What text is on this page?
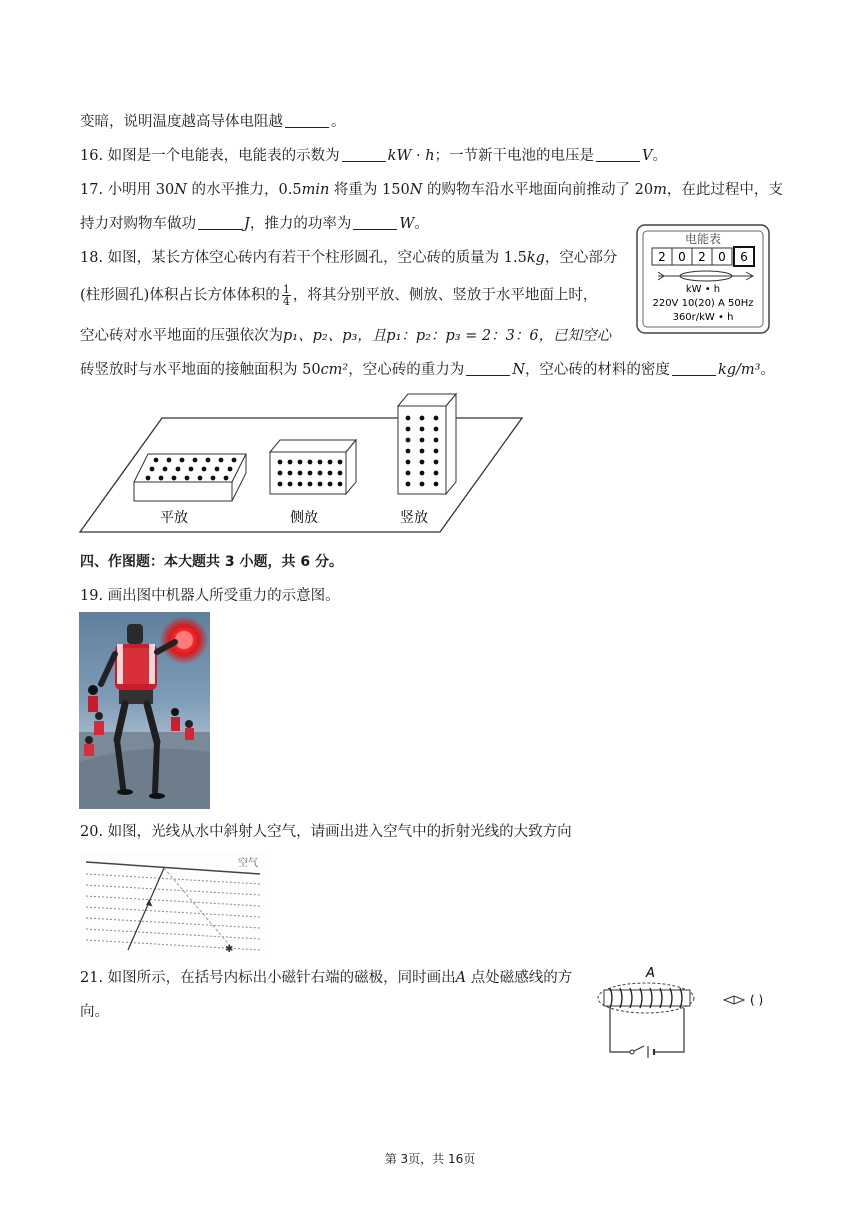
变暗，说明温度越高导体电阻越	。
16. 如图是一个电能表，电能表的示数为	kW · h；一节新干电池的电压是	V。
17. 小明用 30N 的水平推力，0.5min 将重为 150N 的购物车沿水平地面向前推动了 20m，在此过程中，支
持力对购物车做功	J，推力的功率为	W。
18. 如图，某长方体空心砖内有若干个柱形圆孔，空心砖的质量为 1.5kg，空心部分
(柱形圆孔)体积占长方体体积的 $\frac{1}{4}$ ，将其分别平放、侧放、竖放于水平地面上时，
空心砖对水平地面的压强依次为p₁、p₂、p₃，且p₁：p₂：p₃ = 2：3：6，已知空心
砖竖放时与水平地面的接触面积为 50cm²，空心砖的重力为	N，空心砖的材料的密度	kg/m³。
电能表
2 0 2 0 6
kW • h
220V 10(20) A 50Hz
360r/kW • h
平放	侧放	竖放
四、作图题：本大题共 3 小题，共 6 分。
19. 画出图中机器人所受重力的示意图。
20. 如图，光线从水中斜射人空气，请画出进入空气中的折射光线的大致方向
空气
✱
21. 如图所示，在括号内标出小磁针右端的磁极，同时画出A 点处磁感线的方
向。
A
( )
第 3页，共 16页
